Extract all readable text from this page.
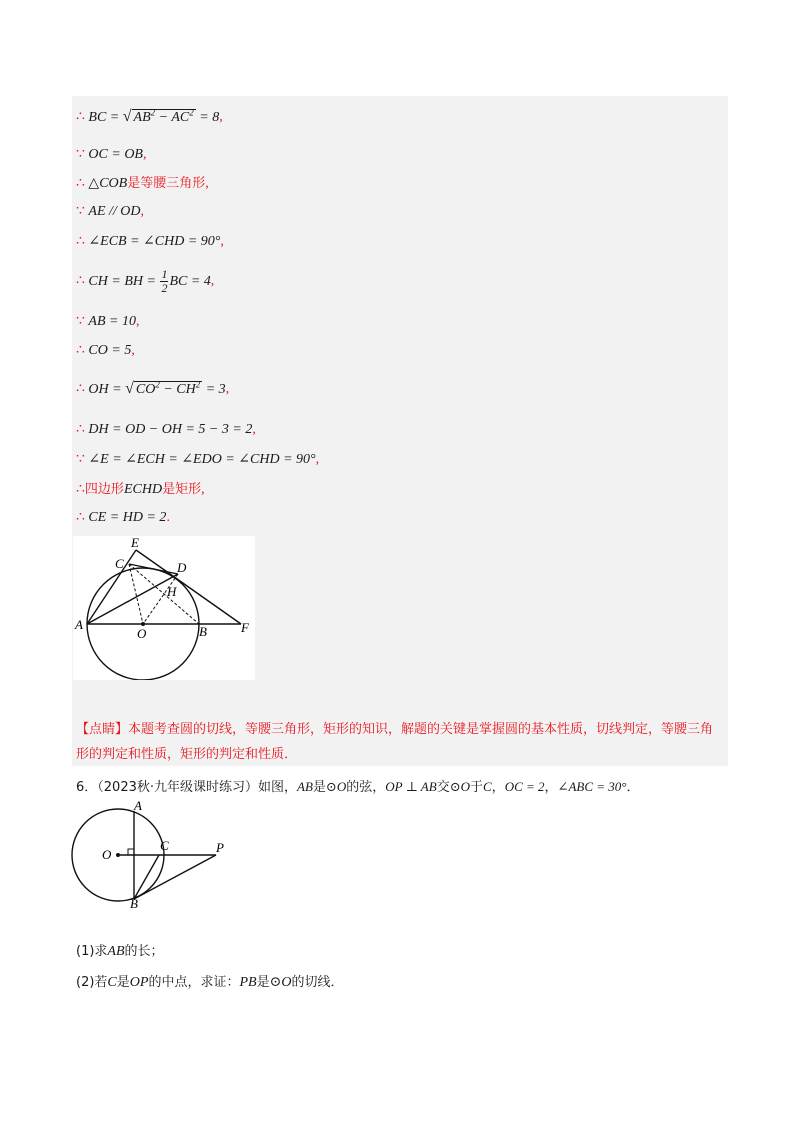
∴ BC = √ $AB^2 - AC^2 = 8$,
∵ OC = OB,
∴ △COB是等腰三角形,
∵ AE // OD,
∴ ∠ECB = ∠CHD = 90°,
∴ CH = BH = $\frac{1}{2}$ BC = 4,
∵ AB = 10,
∴ CO = 5,
∴ OH = √ $CO^2 - CH^2 = 3$,
∴ DH = OD − OH = 5 − 3 = 2,
∵ ∠E = ∠ECH = ∠EDO = ∠CHD = 90°,
∴四边形ECHD是矩形,
∴ CE = HD = 2.
E
C	D
H
A
O	B	F
【点睛】本题考查圆的切线，等腰三角形，矩形的知识，解题的关键是掌握圆的基本性质，切线判定，等腰三角形的判定和性质，矩形的判定和性质．
6．（2023秋·九年级课时练习）如图，AB是⊙O的弦，OP ⊥ AB交⊙O于C，OC = 2，∠ABC = 30°．
A
O
C	P
B
(1)求AB的长；
(2)若C是OP的中点，求证：PB是⊙O的切线．
